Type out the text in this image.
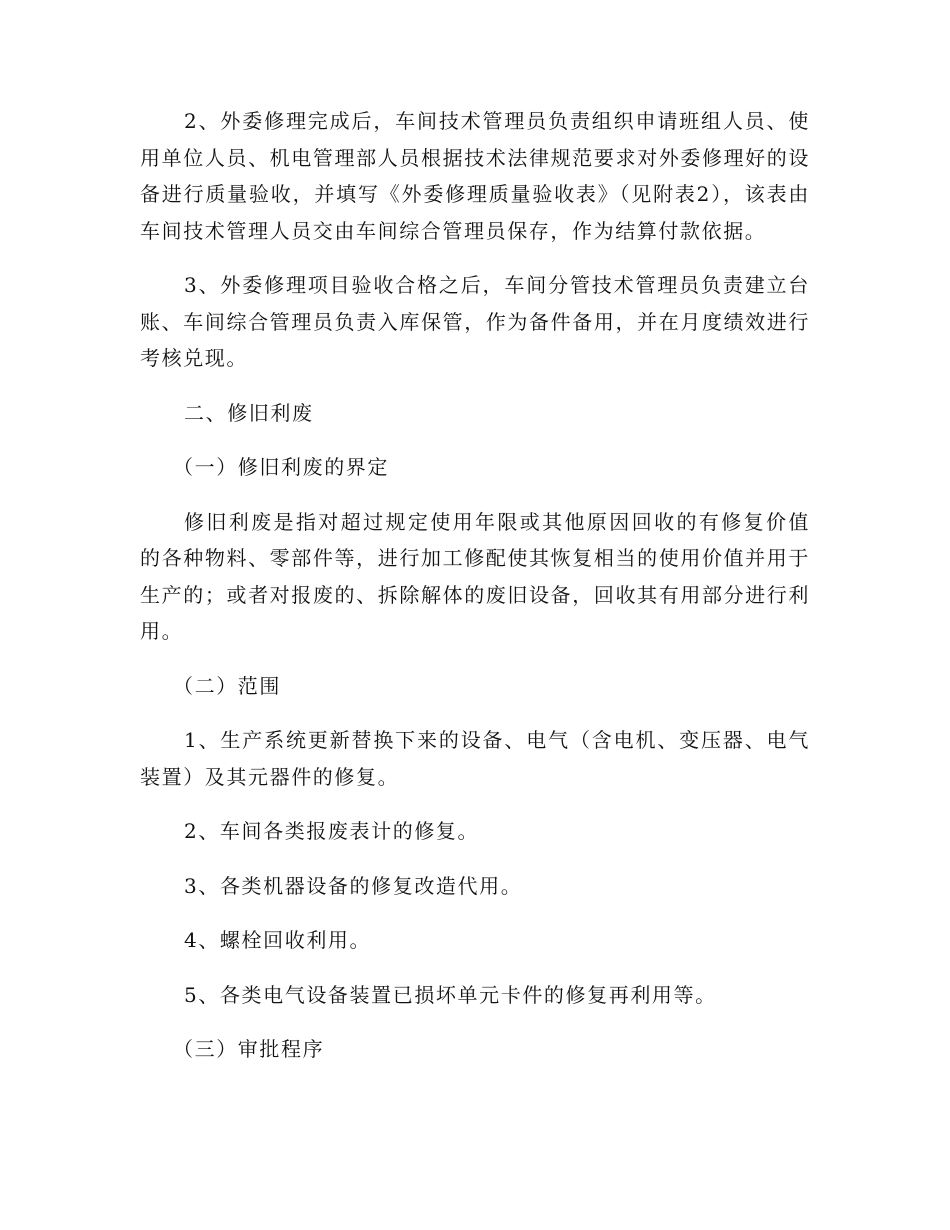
2、外委修理完成后，车间技术管理员负责组织申请班组人员、使用单位人员、机电管理部人员根据技术法律规范要求对外委修理好的设备进行质量验收，并填写《外委修理质量验收表》（见附表2），该表由车间技术管理人员交由车间综合管理员保存，作为结算付款依据。

3、外委修理项目验收合格之后，车间分管技术管理员负责建立台账、车间综合管理员负责入库保管，作为备件备用，并在月度绩效进行考核兑现。

二、修旧利废

（一）修旧利废的界定

修旧利废是指对超过规定使用年限或其他原因回收的有修复价值的各种物料、零部件等，进行加工修配使其恢复相当的使用价值并用于生产的；或者对报废的、拆除解体的废旧设备，回收其有用部分进行利用。

（二）范围

1、生产系统更新替换下来的设备、电气（含电机、变压器、电气装置）及其元器件的修复。

2、车间各类报废表计的修复。

3、各类机器设备的修复改造代用。

4、螺栓回收利用。

5、各类电气设备装置已损坏单元卡件的修复再利用等。

（三）审批程序
